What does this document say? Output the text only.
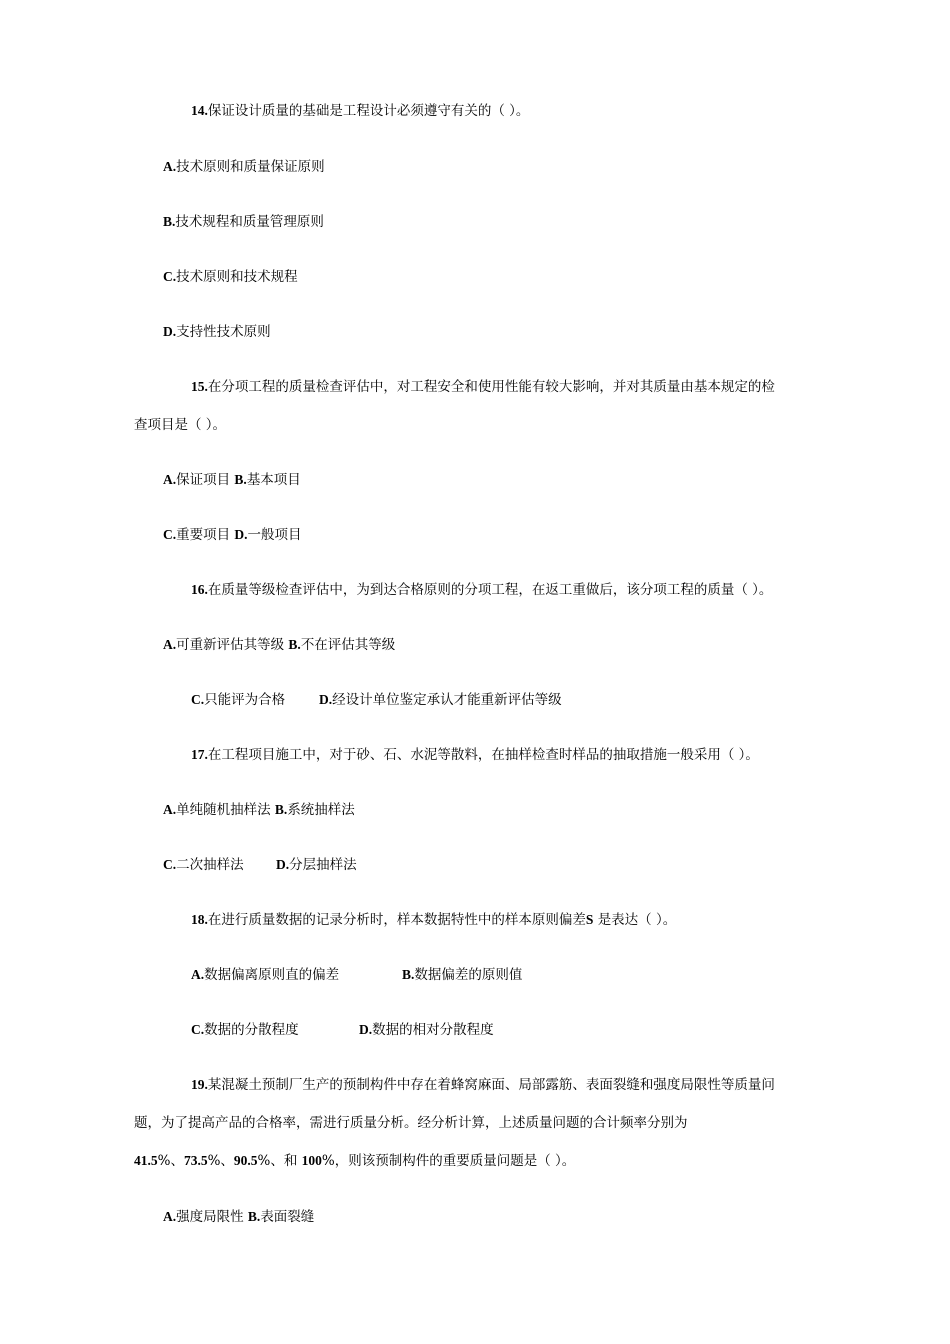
14.保证设计质量的基础是工程设计必须遵守有关的（ ）。
A.技术原则和质量保证原则
B.技术规程和质量管理原则
C.技术原则和技术规程
D.支持性技术原则
15.在分项工程的质量检查评估中，对工程安全和使用性能有较大影响，并对其质量由基本规定的检
查项目是（ ）。
A.保证项目 B.基本项目
C.重要项目 D.一般项目
16.在质量等级检查评估中，为到达合格原则的分项工程，在返工重做后，该分项工程的质量（ ）。
A.可重新评估其等级 B.不在评估其等级
C.只能评为合格	D.经设计单位鉴定承认才能重新评估等级
17.在工程项目施工中，对于砂、石、水泥等散料，在抽样检查时样品的抽取措施一般采用（ ）。
A.单纯随机抽样法 B.系统抽样法
C.二次抽样法 D.分层抽样法
18.在进行质量数据的记录分析时，样本数据特性中的样本原则偏差S 是表达（ ）。
A.数据偏离原则直的偏差	B.数据偏差的原则值
C.数据的分散程度	D.数据的相对分散程度
19.某混凝土预制厂生产的预制构件中存在着蜂窝麻面、局部露筋、表面裂缝和强度局限性等质量问
题，为了提高产品的合格率，需进行质量分析。经分析计算，上述质量问题的合计频率分别为
41.5%、73.5%、90.5%、和 100%，则该预制构件的重要质量问题是（ ）。
A.强度局限性 B.表面裂缝
